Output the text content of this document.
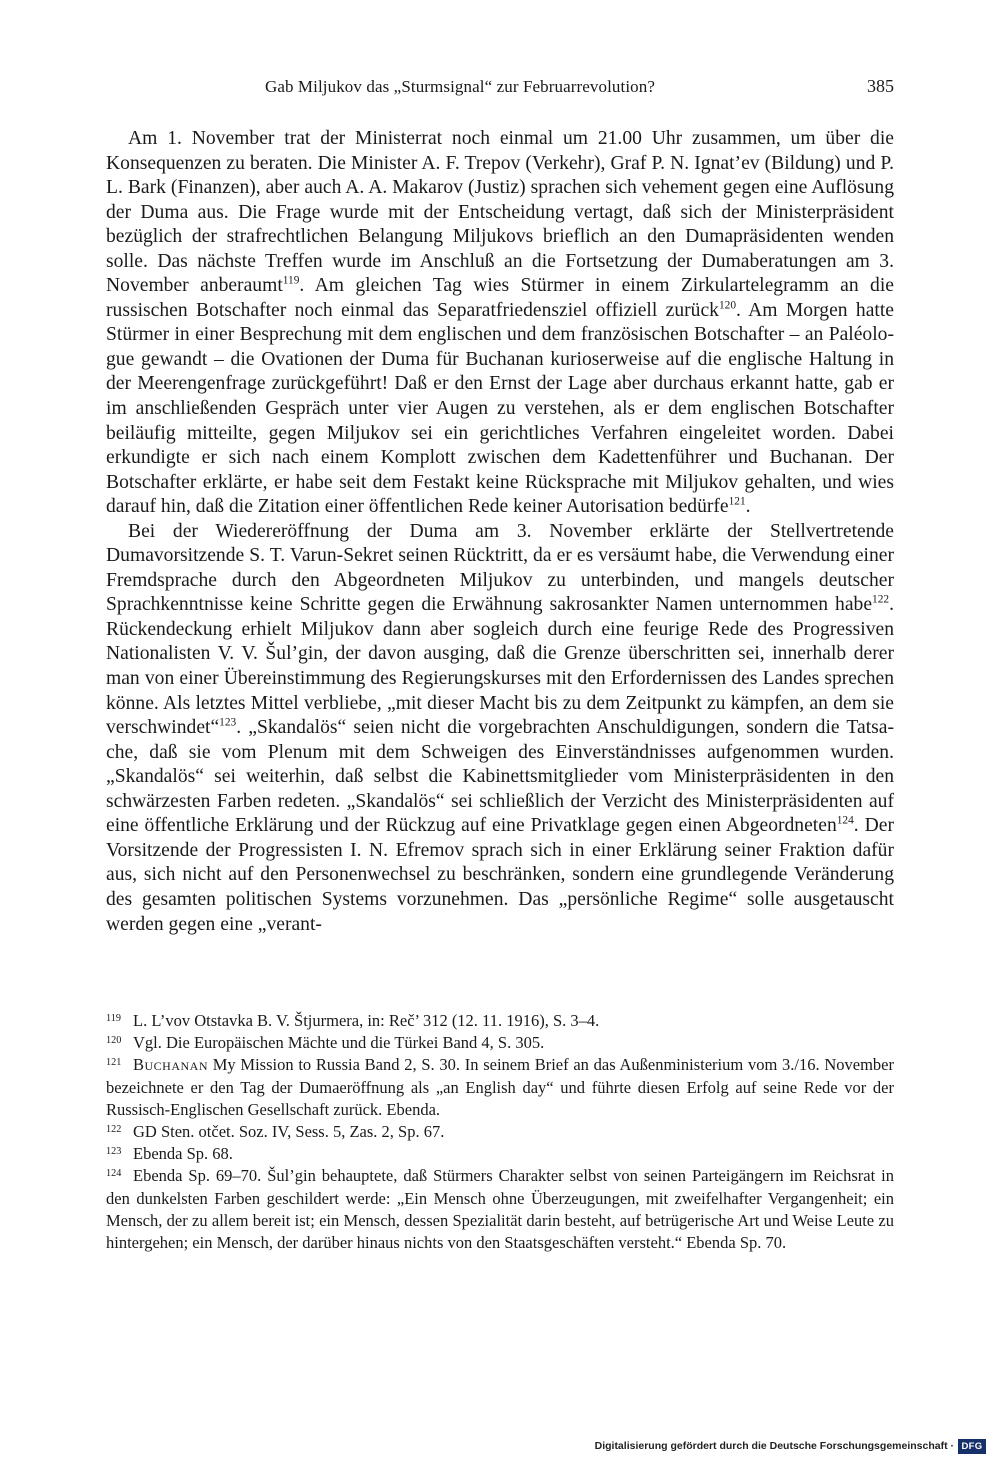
Gab Miljukov das „Sturmsignal“ zur Februarrevolution?	385

Am 1. November trat der Ministerrat noch einmal um 21.00 Uhr zusammen, um über die Konsequenzen zu beraten. Die Minister A. F. Trepov (Verkehr), Graf P. N. Ignat’ev (Bildung) und P. L. Bark (Finanzen), aber auch A. A. Makarov (Justiz) sprachen sich vehement gegen eine Auflösung der Duma aus. Die Frage wurde mit der Entscheidung vertagt, daß sich der Ministerpräsident bezüglich der strafrechtlichen Belangung Miljukovs brieflich an den Dumapräsidenten wenden solle. Das nächste Treffen wurde im Anschluß an die Fortsetzung der Dumaberatungen am 3. November anberaumt$^{119}$. Am gleichen Tag wies Stürmer in einem Zirkulartelegramm an die russischen Botschafter noch einmal das Separatfriedensziel offiziell zurück$^{120}$. Am Morgen hatte Stürmer in einer Besprechung mit dem englischen und dem französischen Botschafter – an Paléologue gewandt – die Ovationen der Duma für Buchanan kurioserweise auf die englische Haltung in der Meerengenfrage zurückgeführt! Daß er den Ernst der Lage aber durchaus erkannt hatte, gab er im anschließenden Gespräch unter vier Augen zu verstehen, als er dem englischen Botschafter beiläufig mitteilte, gegen Miljukov sei ein gerichtliches Verfahren eingeleitet worden. Dabei erkundigte er sich nach einem Komplott zwischen dem Kadettenführer und Buchanan. Der Botschafter erklärte, er habe seit dem Festakt keine Rücksprache mit Miljukov gehalten, und wies darauf hin, daß die Zitation einer öffentlichen Rede keiner Autorisation bedürfe$^{121}$.

Bei der Wiedereröffnung der Duma am 3. November erklärte der Stellvertretende Dumavorsitzende S. T. Varun-Sekret seinen Rücktritt, da er es versäumt habe, die Verwendung einer Fremdsprache durch den Abgeordneten Miljukov zu unterbinden, und mangels deutscher Sprachkenntnisse keine Schritte gegen die Erwähnung sakrosankter Namen unternommen habe$^{122}$. Rückendeckung erhielt Miljukov dann aber sogleich durch eine feurige Rede des Progressiven Nationalisten V. V. Šul’gin, der davon ausging, daß die Grenze überschritten sei, innerhalb derer man von einer Übereinstimmung des Regierungskurses mit den Erfordernissen des Landes sprechen könne. Als letztes Mittel verbliebe, „mit dieser Macht bis zu dem Zeitpunkt zu kämpfen, an dem sie verschwindet“$^{123}$. „Skandalös“ seien nicht die vorgebrachten Anschuldigungen, sondern die Tatsache, daß sie vom Plenum mit dem Schweigen des Einverständnisses aufgenommen wurden. „Skandalös“ sei weiterhin, daß selbst die Kabinettsmitglieder vom Ministerpräsidenten in den schwärzesten Farben redeten. „Skandalös“ sei schließlich der Verzicht des Ministerpräsidenten auf eine öffentliche Erklärung und der Rückzug auf eine Privatklage gegen einen Abgeordneten$^{124}$. Der Vorsitzende der Progressisten I. N. Efremov sprach sich in einer Erklärung seiner Fraktion dafür aus, sich nicht auf den Personenwechsel zu beschränken, sondern eine grundlegende Veränderung des gesamten politischen Systems vorzunehmen. Das „persönliche Regime“ solle ausgetauscht werden gegen eine „verant-

119 L. L’vov Otstavka B. V. Štjurmera, in: Reč’ 312 (12. 11. 1916), S. 3–4.

120 Vgl. Die Europäischen Mächte und die Türkei Band 4, S. 305.

121 Buchanan My Mission to Russia Band 2, S. 30. In seinem Brief an das Außenministerium vom 3./16. November bezeichnete er den Tag der Dumaeröffnung als „an English day“ und führte diesen Erfolg auf seine Rede vor der Russisch-Englischen Gesellschaft zurück. Ebenda.

122 GD Sten. otčet. Soz. IV, Sess. 5, Zas. 2, Sp. 67.

123 Ebenda Sp. 68.

124 Ebenda Sp. 69–70. Šul’gin behauptete, daß Stürmers Charakter selbst von seinen Parteigängern im Reichsrat in den dunkelsten Farben geschildert werde: „Ein Mensch ohne Überzeugungen, mit zweifelhafter Vergangenheit; ein Mensch, der zu allem bereit ist; ein Mensch, dessen Spezialität darin besteht, auf betrügerische Art und Weise Leute zu hintergehen; ein Mensch, der darüber hinaus nichts von den Staatsgeschäften versteht.“ Ebenda Sp. 70.

Digitalisierung gefördert durch die Deutsche Forschungsgemeinschaft · DFG
